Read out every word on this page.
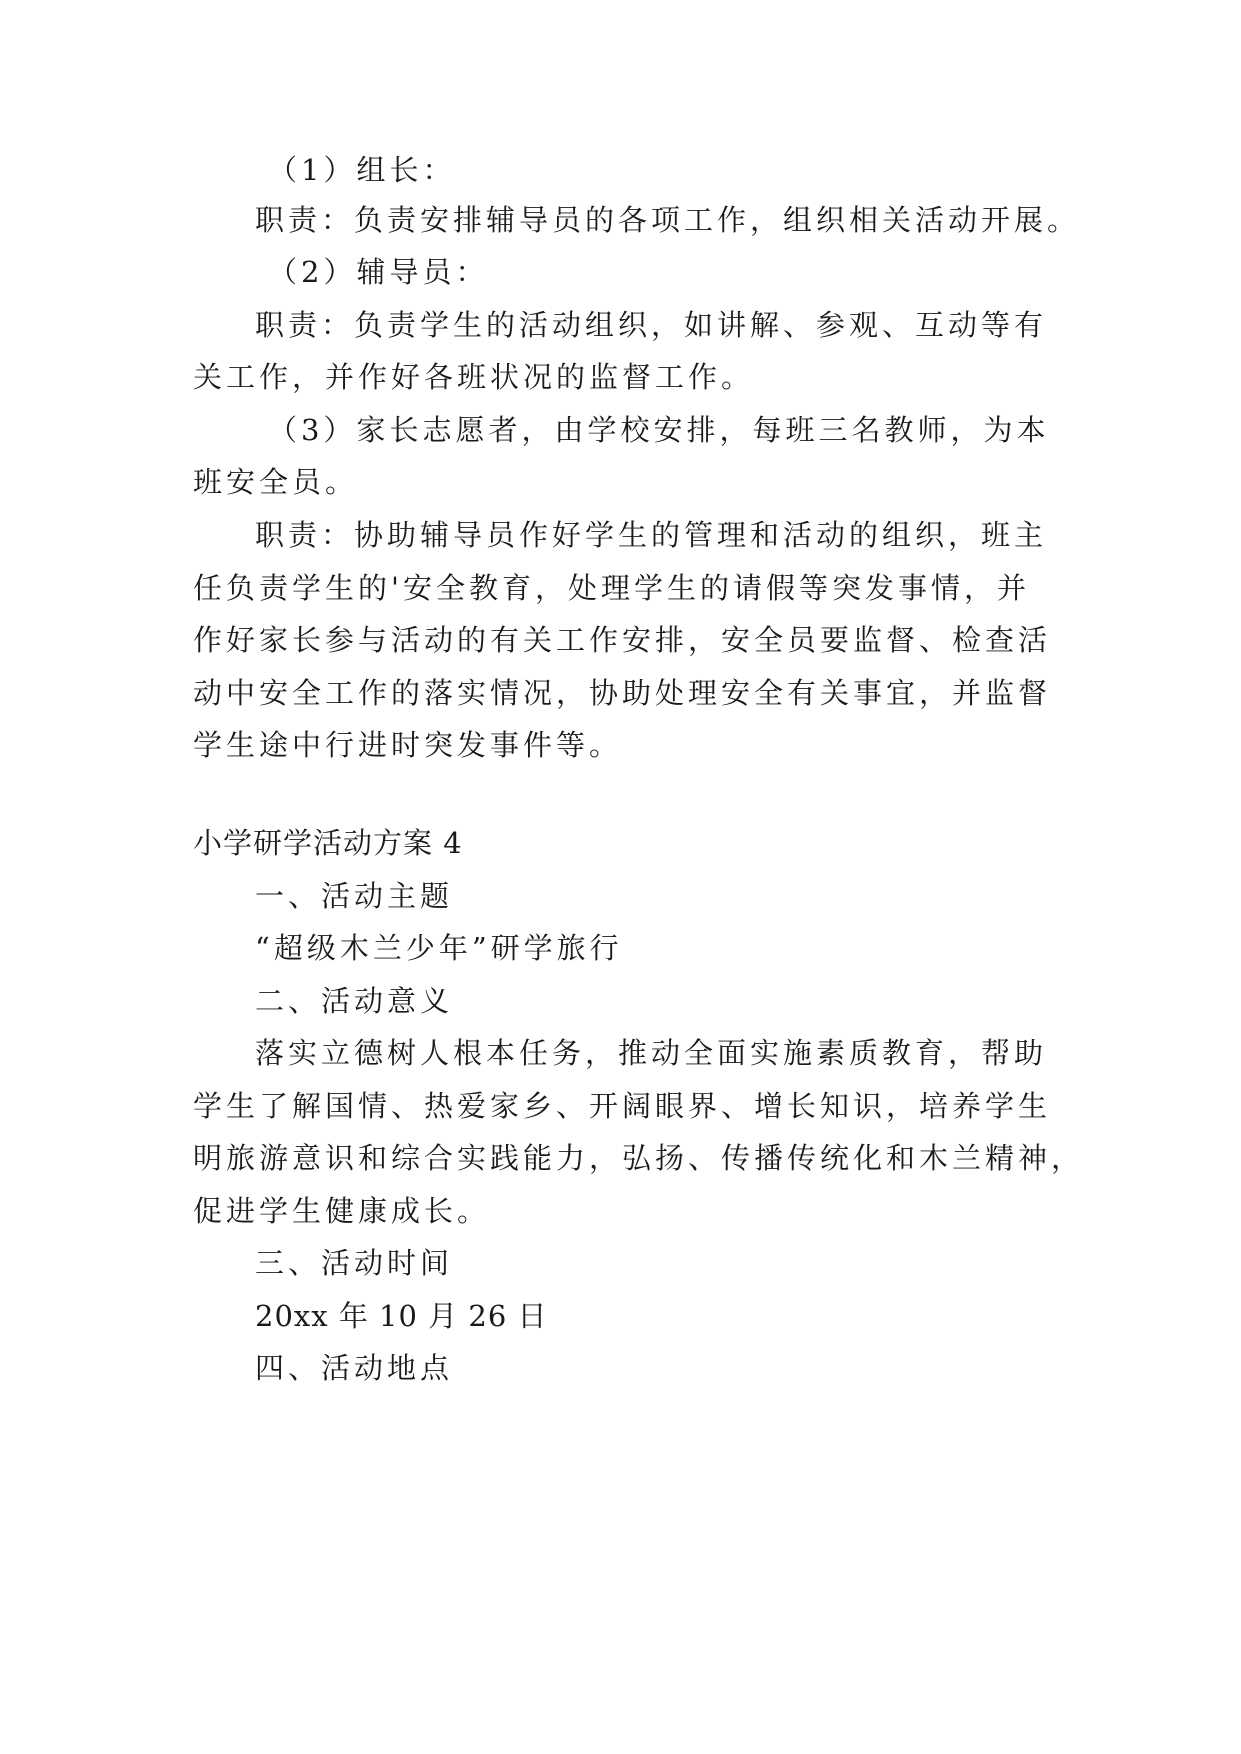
（1）组长：
职责：负责安排辅导员的各项工作，组织相关活动开展。
（2）辅导员：
职责：负责学生的活动组织，如讲解、参观、互动等有
关工作，并作好各班状况的监督工作。
（3）家长志愿者，由学校安排，每班三名教师，为本
班安全员。
职责：协助辅导员作好学生的管理和活动的组织，班主
任负责学生的'安全教育，处理学生的请假等突发事情，并
作好家长参与活动的有关工作安排，安全员要监督、检查活
动中安全工作的落实情况，协助处理安全有关事宜，并监督
学生途中行进时突发事件等。
小学研学活动方案 4
一、活动主题
“超级木兰少年”研学旅行
二、活动意义
落实立德树人根本任务，推动全面实施素质教育，帮助
学生了解国情、热爱家乡、开阔眼界、增长知识，培养学生
明旅游意识和综合实践能力，弘扬、传播传统化和木兰精神，
促进学生健康成长。
三、活动时间
20xx 年 10 月 26 日
四、活动地点
